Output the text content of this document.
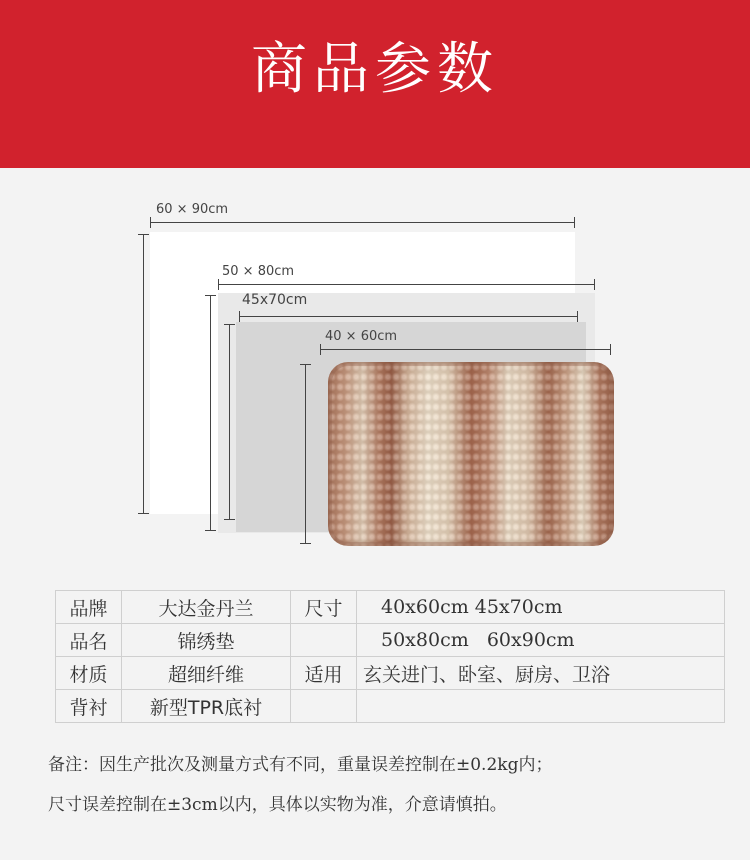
商品参数
60 × 90cm
50 × 80cm
45x70cm
40 × 60cm
品牌	大达金丹兰	尺寸	40x60cm 45x70cm
品名	锦绣垫		50x80cm   60x90cm
材质	超细纤维	适用	玄关进门、卧室、厨房、卫浴
背衬	新型TPR底衬		
备注：因生产批次及测量方式有不同，重量误差控制在±0.2kg内；
尺寸误差控制在±3cm以内，具体以实物为准，介意请慎拍。
